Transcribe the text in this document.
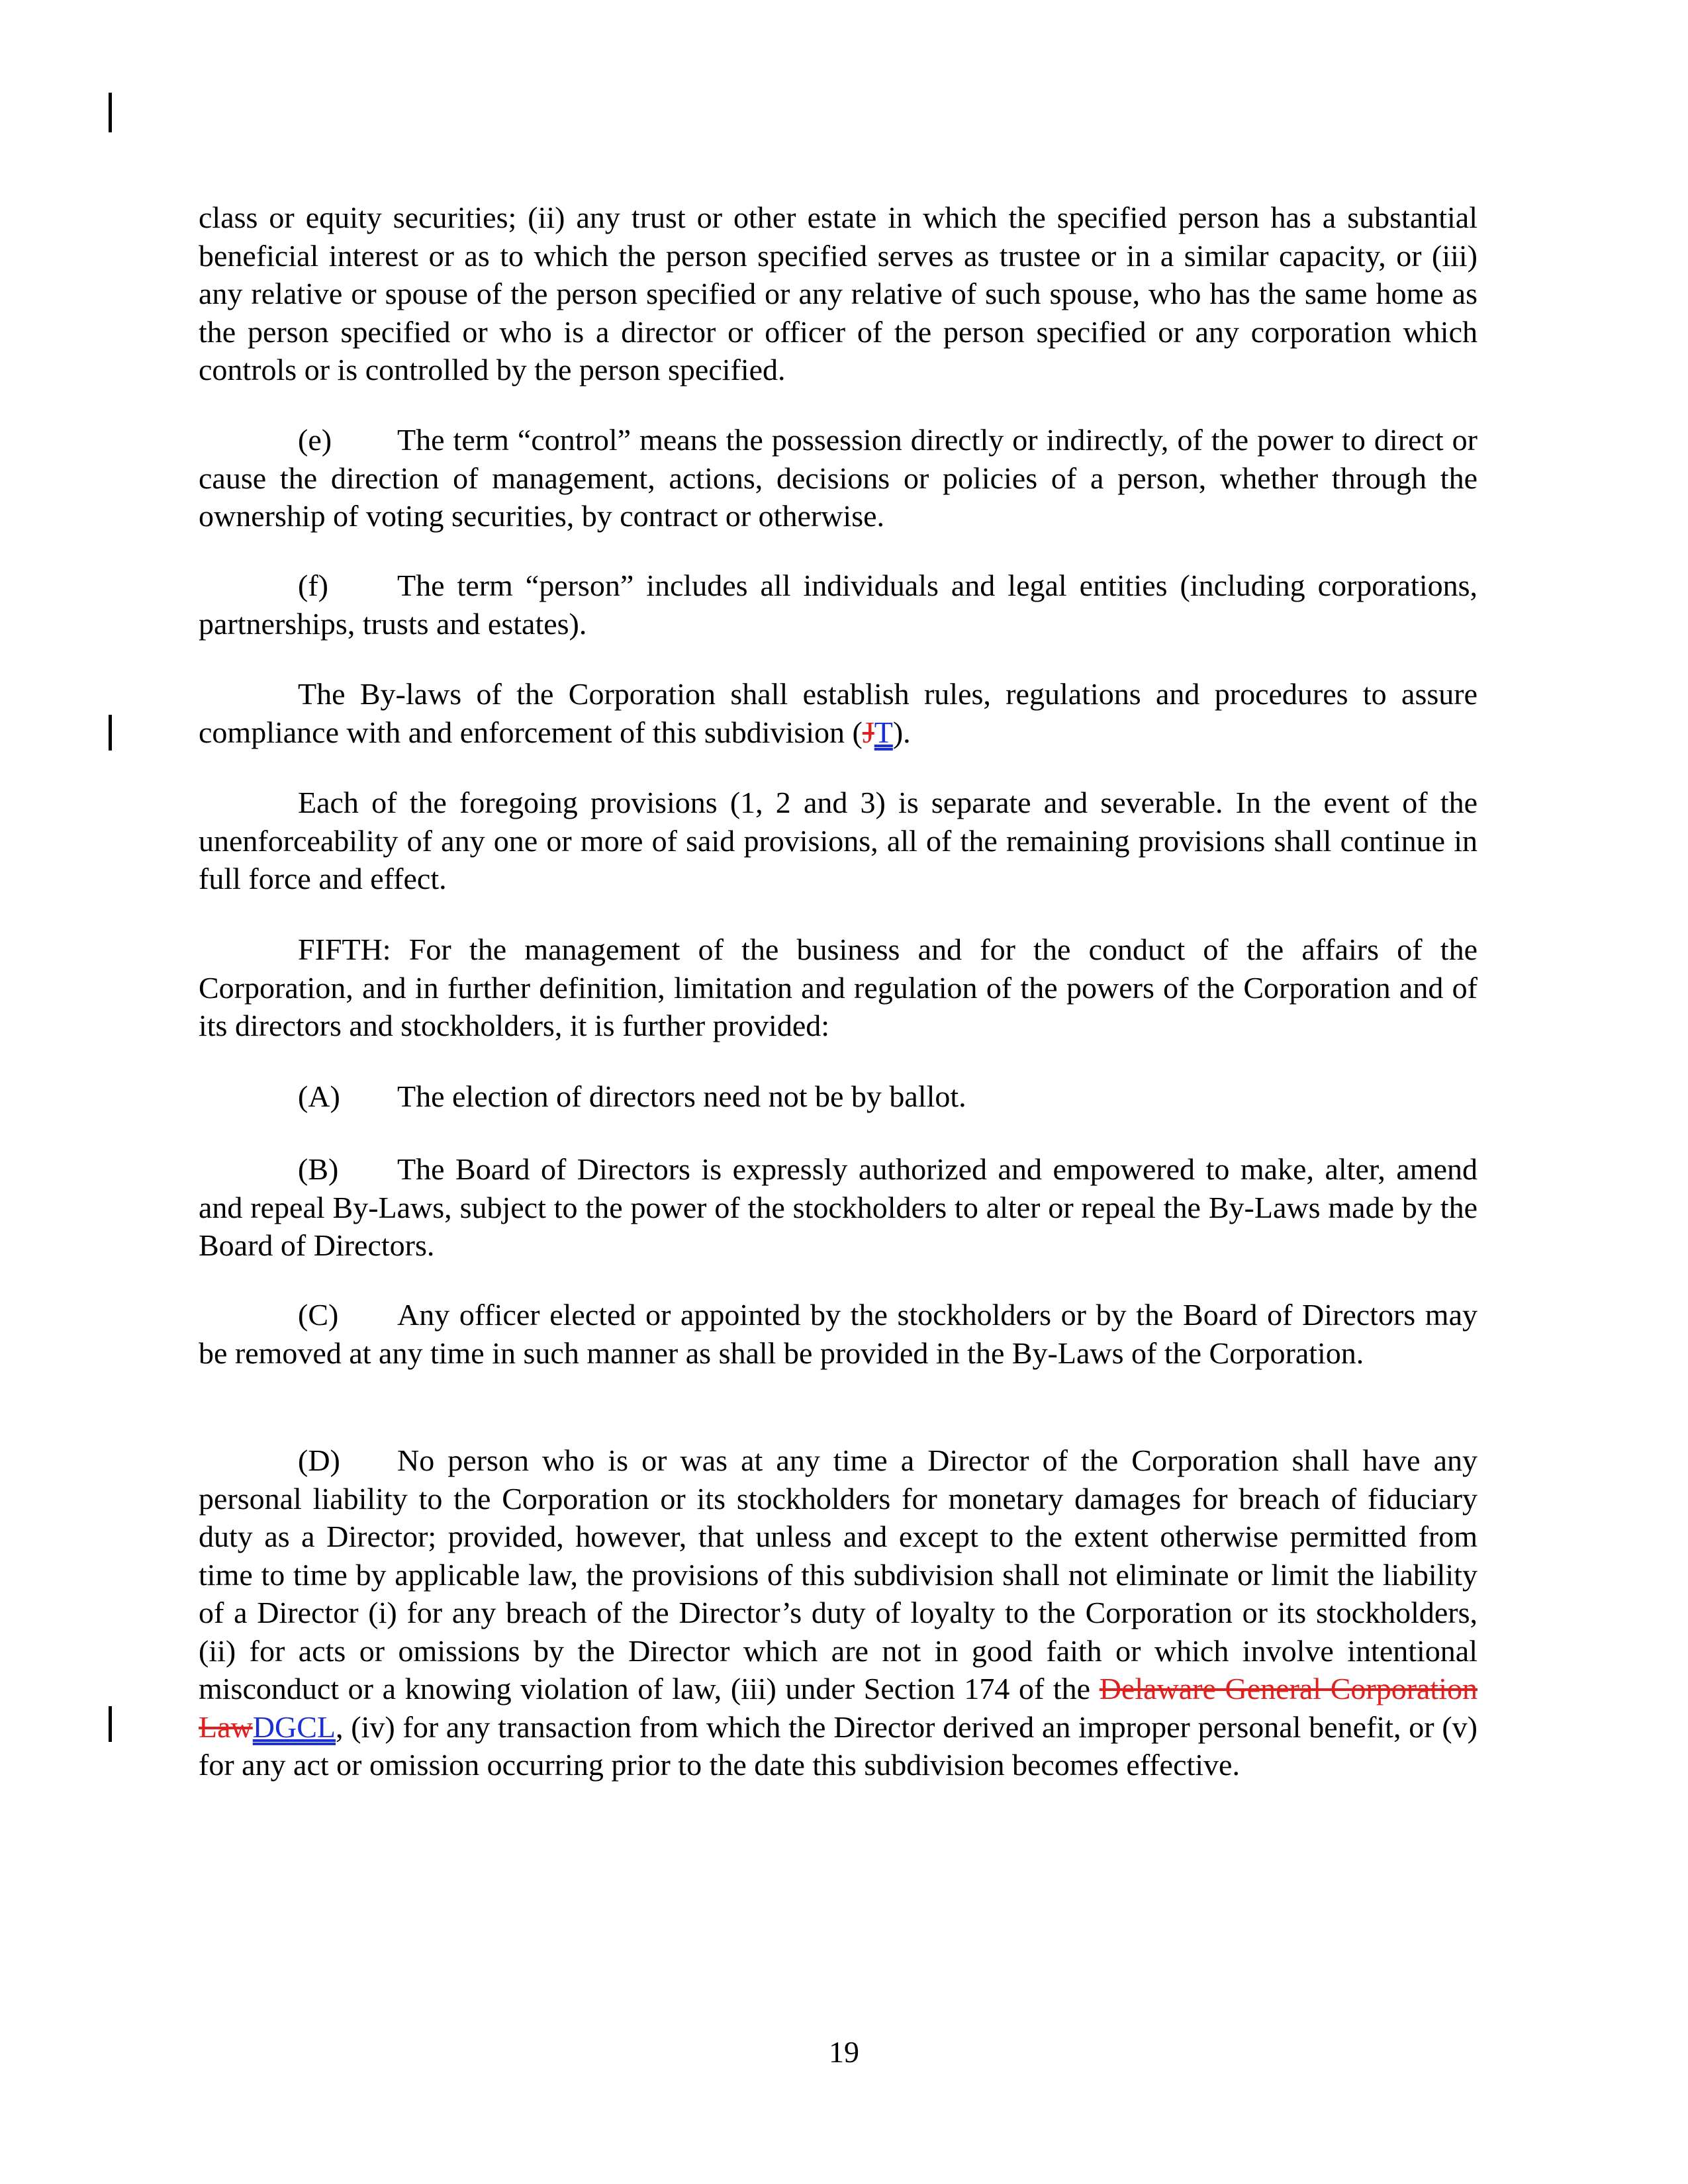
class or equity securities; (ii) any trust or other estate in which the specified person has a substantial beneficial interest or as to which the person specified serves as trustee or in a similar capacity, or (iii) any relative or spouse of the person specified or any relative of such spouse, who has the same home as the person specified or who is a director or officer of the person specified or any corporation which controls or is controlled by the person specified.

(e) The term “control” means the possession directly or indirectly, of the power to direct or cause the direction of management, actions, decisions or policies of a person, whether through the ownership of voting securities, by contract or otherwise.

(f) The term “person” includes all individuals and legal entities (including corporations, partnerships, trusts and estates).

The By-laws of the Corporation shall establish rules, regulations and procedures to assure compliance with and enforcement of this subdivision (JT).

Each of the foregoing provisions (1, 2 and 3) is separate and severable. In the event of the unenforceability of any one or more of said provisions, all of the remaining provisions shall continue in full force and effect.

FIFTH: For the management of the business and for the conduct of the affairs of the Corporation, and in further definition, limitation and regulation of the powers of the Corporation and of its directors and stockholders, it is further provided:

(A) The election of directors need not be by ballot.

(B) The Board of Directors is expressly authorized and empowered to make, alter, amend and repeal By-Laws, subject to the power of the stockholders to alter or repeal the By-Laws made by the Board of Directors.

(C) Any officer elected or appointed by the stockholders or by the Board of Directors may be removed at any time in such manner as shall be provided in the By-Laws of the Corporation.

(D) No person who is or was at any time a Director of the Corporation shall have any personal liability to the Corporation or its stockholders for monetary damages for breach of fiduciary duty as a Director; provided, however, that unless and except to the extent otherwise permitted from time to time by applicable law, the provisions of this subdivision shall not eliminate or limit the liability of a Director (i) for any breach of the Director’s duty of loyalty to the Corporation or its stockholders, (ii) for acts or omissions by the Director which are not in good faith or which involve intentional misconduct or a knowing violation of law, (iii) under Section 174 of the Delaware General Corporation LawDGCL, (iv) for any transaction from which the Director derived an improper personal benefit, or (v) for any act or omission occurring prior to the date this subdivision becomes effective.

19
